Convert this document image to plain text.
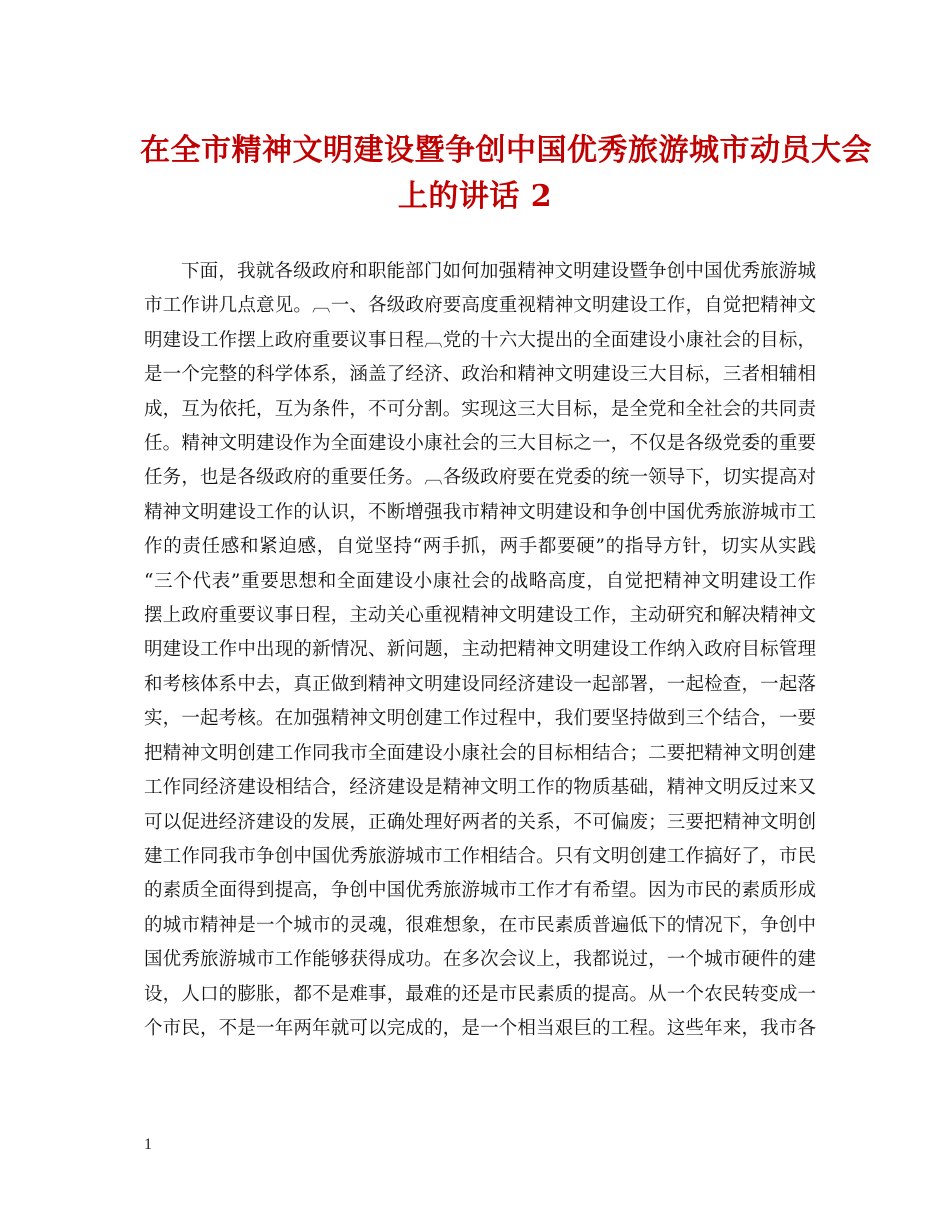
在全市精神文明建设暨争创中国优秀旅游城市动员大会
上的讲话 2
下面，我就各级政府和职能部门如何加强精神文明建设暨争创中国优秀旅游城
市工作讲几点意见。︹一、各级政府要高度重视精神文明建设工作，自觉把精神文
明建设工作摆上政府重要议事日程︹党的十六大提出的全面建设小康社会的目标，
是一个完整的科学体系，涵盖了经济、政治和精神文明建设三大目标，三者相辅相
成，互为依托，互为条件，不可分割。实现这三大目标，是全党和全社会的共同责
任。精神文明建设作为全面建设小康社会的三大目标之一，不仅是各级党委的重要
任务，也是各级政府的重要任务。︹各级政府要在党委的统一领导下，切实提高对
精神文明建设工作的认识，不断增强我市精神文明建设和争创中国优秀旅游城市工
作的责任感和紧迫感，自觉坚持“两手抓，两手都要硬”的指导方针，切实从实践
“三个代表”重要思想和全面建设小康社会的战略高度，自觉把精神文明建设工作
摆上政府重要议事日程，主动关心重视精神文明建设工作，主动研究和解决精神文
明建设工作中出现的新情况、新问题，主动把精神文明建设工作纳入政府目标管理
和考核体系中去，真正做到精神文明建设同经济建设一起部署，一起检查，一起落
实，一起考核。在加强精神文明创建工作过程中，我们要坚持做到三个结合，一要
把精神文明创建工作同我市全面建设小康社会的目标相结合；二要把精神文明创建
工作同经济建设相结合，经济建设是精神文明工作的物质基础，精神文明反过来又
可以促进经济建设的发展，正确处理好两者的关系，不可偏废；三要把精神文明创
建工作同我市争创中国优秀旅游城市工作相结合。只有文明创建工作搞好了，市民
的素质全面得到提高，争创中国优秀旅游城市工作才有希望。因为市民的素质形成
的城市精神是一个城市的灵魂，很难想象，在市民素质普遍低下的情况下，争创中
国优秀旅游城市工作能够获得成功。在多次会议上，我都说过，一个城市硬件的建
设，人口的膨胀，都不是难事，最难的还是市民素质的提高。从一个农民转变成一
个市民，不是一年两年就可以完成的，是一个相当艰巨的工程。这些年来，我市各
1
